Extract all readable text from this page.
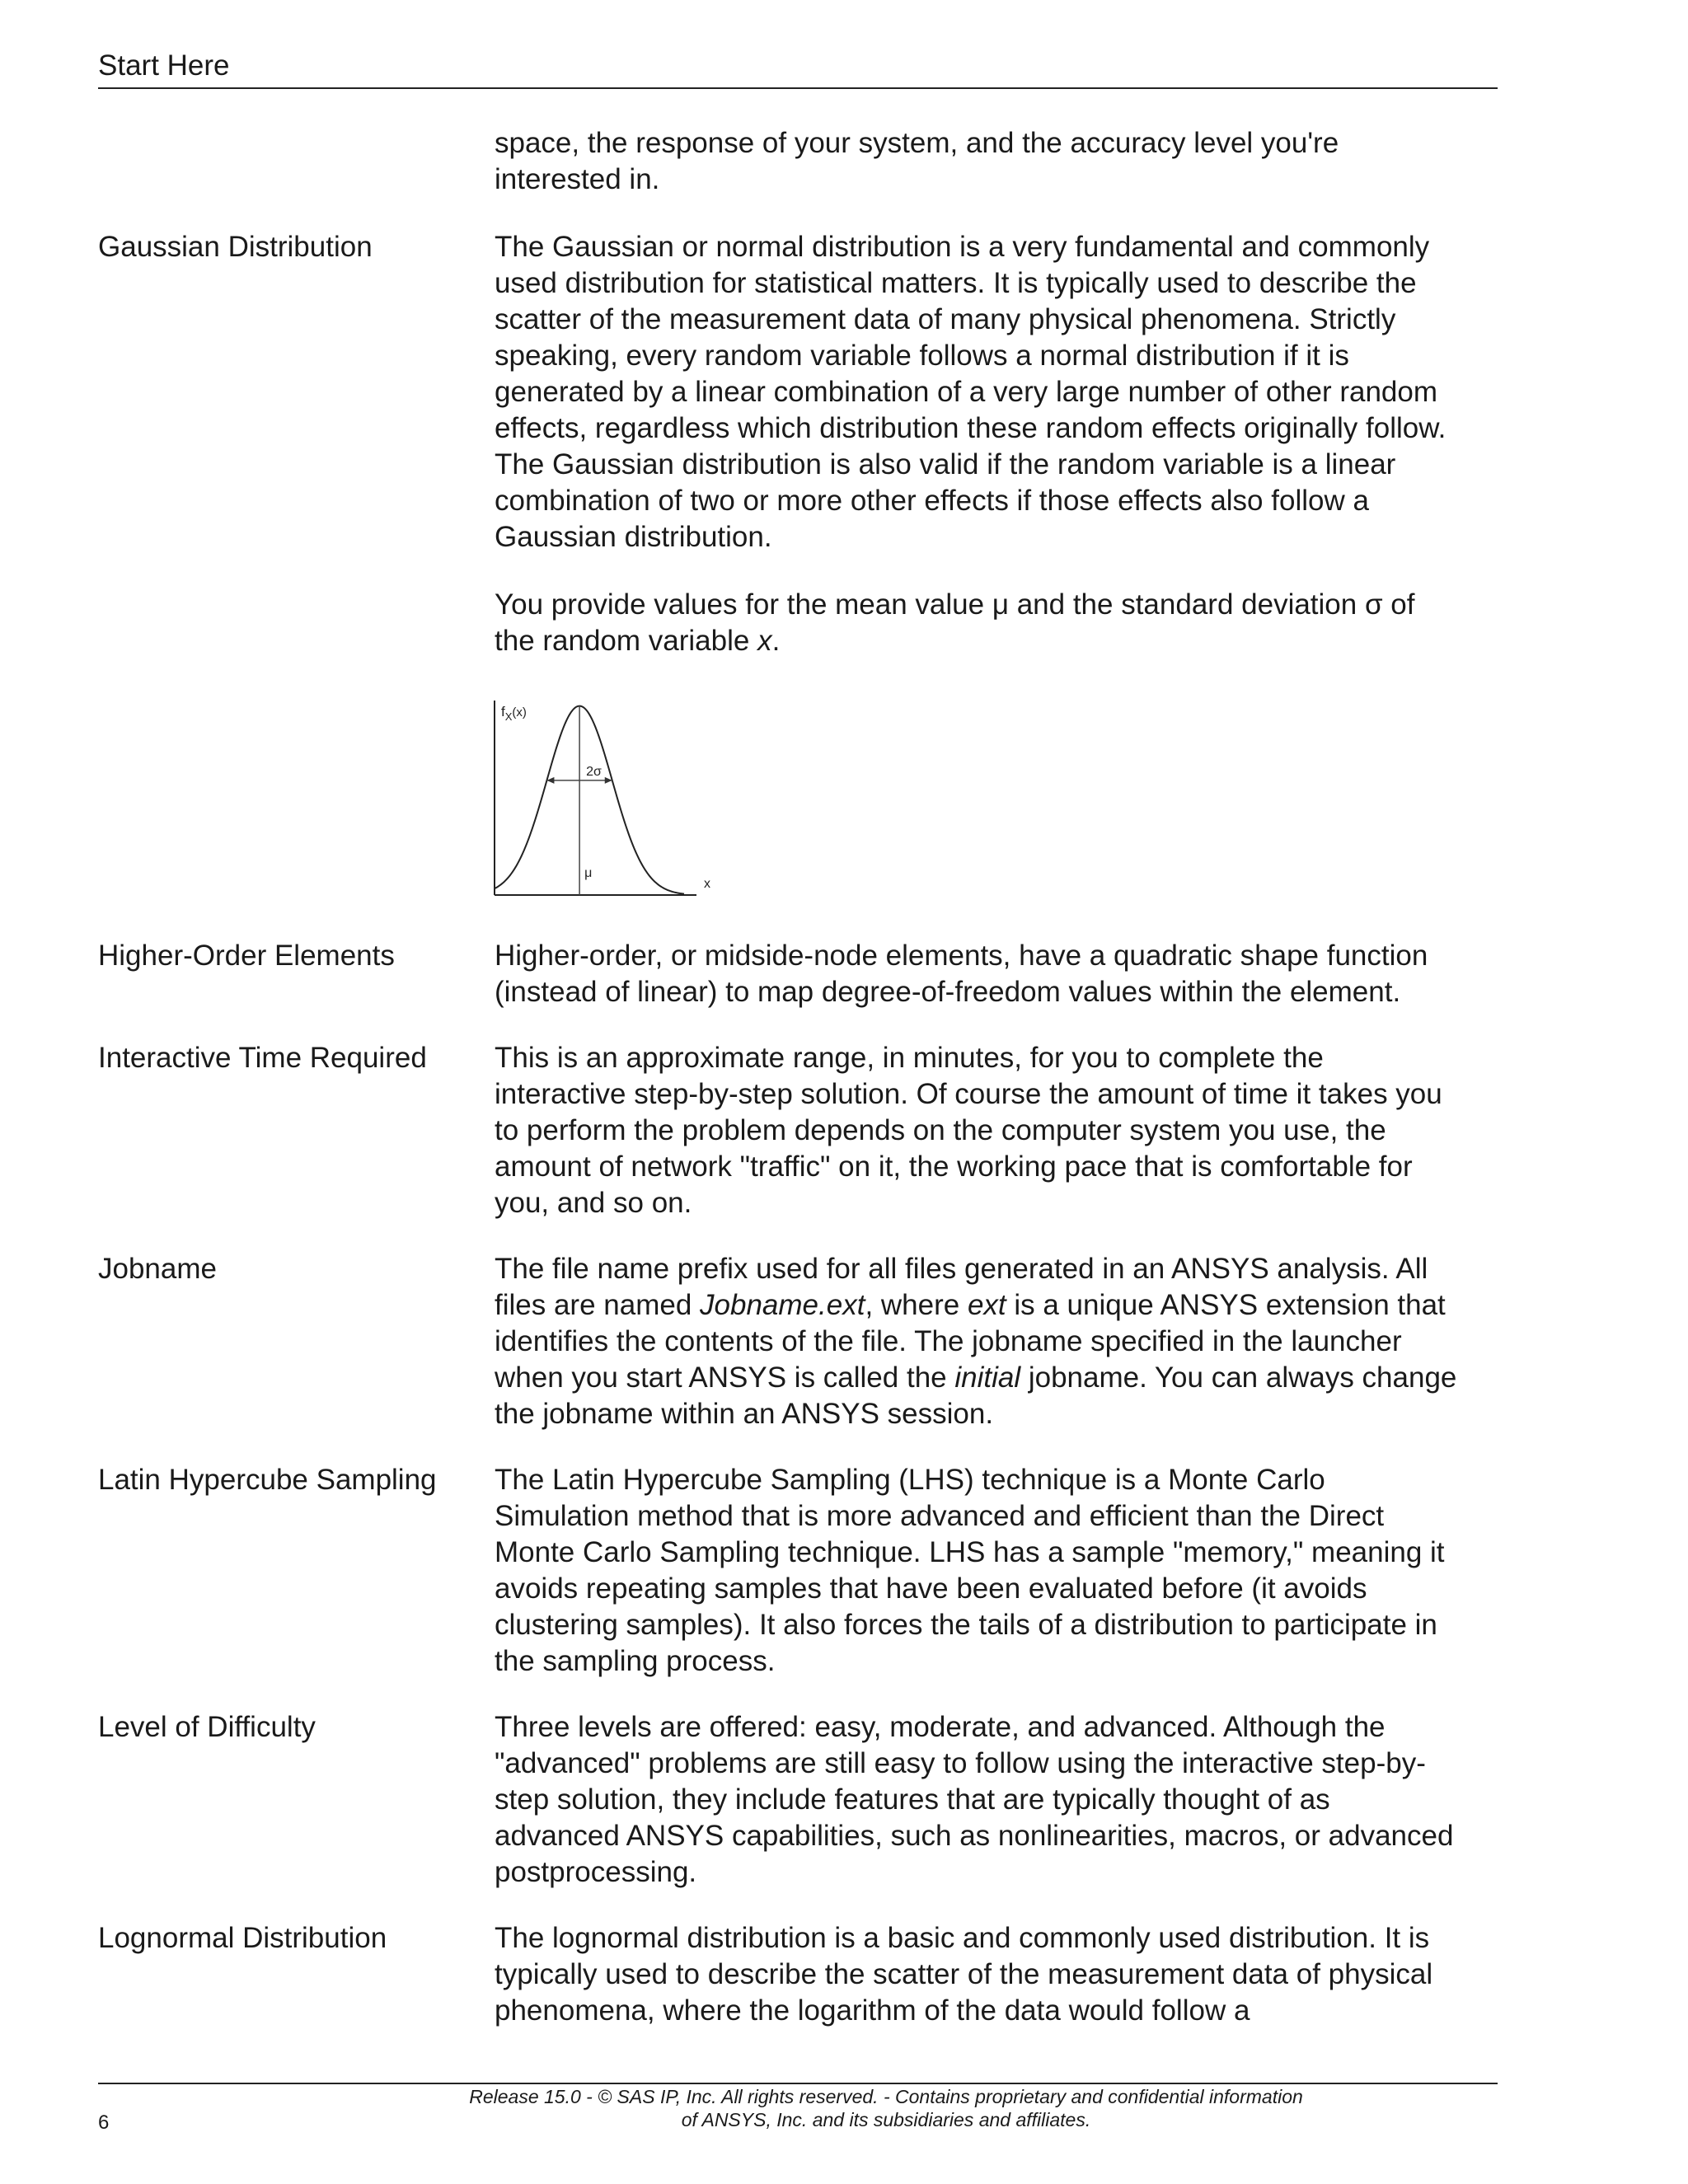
Start Here
space, the response of your system, and the accuracy level you're interested in.
Gaussian Distribution	The Gaussian or normal distribution is a very fundamental and commonly used distribution for statistical matters. It is typically used to describe the scatter of the measurement data of many physical phenomena. Strictly speaking, every random variable follows a normal distribution if it is generated by a linear combination of a very large number of other random effects, regardless which distribution these random effects originally follow. The Gaussian distribution is also valid if the random variable is a linear combination of two or more other effects if those effects also follow a Gaussian distribution.

You provide values for the mean value μ and the standard deviation σ of the random variable x.

$f_X(x)$
x
2σ
μ
Higher-Order Elements	Higher-order, or midside-node elements, have a quadratic shape function (instead of linear) to map degree-of-freedom values within the element.
Interactive Time Required	This is an approximate range, in minutes, for you to complete the interactive step-by-step solution. Of course the amount of time it takes you to perform the problem depends on the computer system you use, the amount of network "traffic" on it, the working pace that is comfortable for you, and so on.
Jobname	The file name prefix used for all files generated in an ANSYS analysis. All files are named Jobname.ext, where ext is a unique ANSYS extension that identifies the contents of the file. The jobname specified in the launcher when you start ANSYS is called the initial jobname. You can always change the jobname within an ANSYS session.
Latin Hypercube Sampling	The Latin Hypercube Sampling (LHS) technique is a Monte Carlo Simulation method that is more advanced and efficient than the Direct Monte Carlo Sampling technique. LHS has a sample "memory," meaning it avoids repeating samples that have been evaluated before (it avoids clustering samples). It also forces the tails of a distribution to participate in the sampling process.
Level of Difficulty	Three levels are offered: easy, moderate, and advanced. Although the "advanced" problems are still easy to follow using the interactive step-by-step solution, they include features that are typically thought of as advanced ANSYS capabilities, such as nonlinearities, macros, or advanced postprocessing.
Lognormal Distribution	The lognormal distribution is a basic and commonly used distribution. It is typically used to describe the scatter of the measurement data of physical phenomena, where the logarithm of the data would follow a
6
Release 15.0 - © SAS IP, Inc. All rights reserved. - Contains proprietary and confidential information
of ANSYS, Inc. and its subsidiaries and affiliates.
